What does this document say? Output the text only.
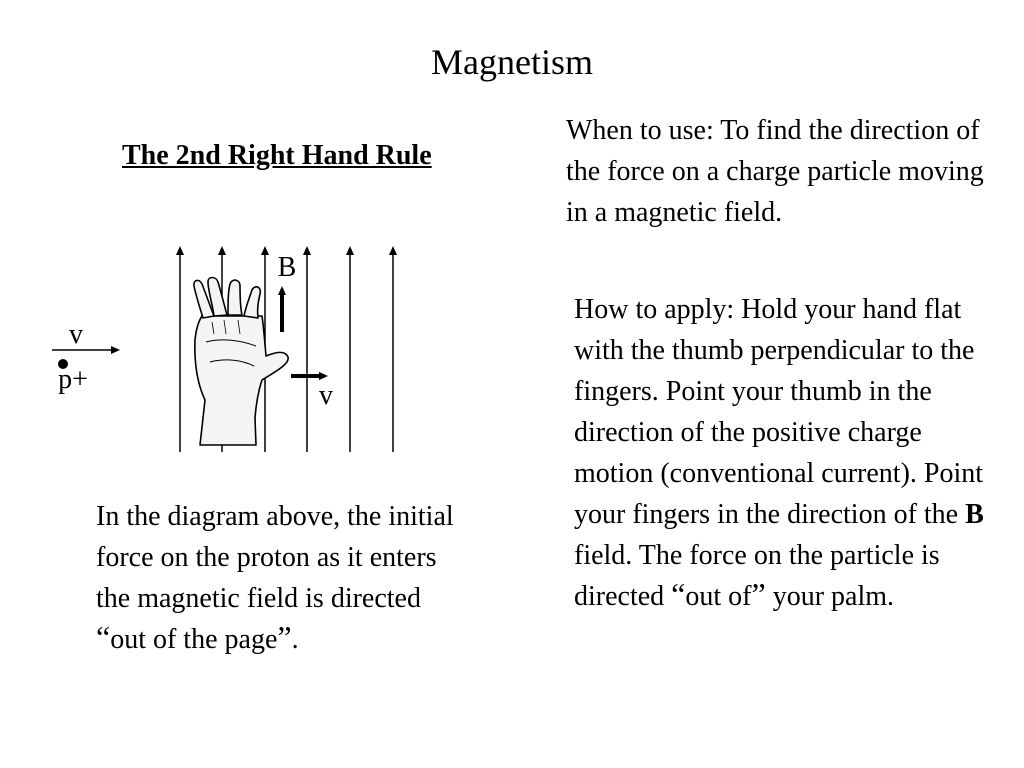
Magnetism
The 2nd Right Hand Rule
When to use: To find the direction of the force on a charge particle moving in a magnetic field.
How to apply: Hold your hand flat with the thumb perpendicular to the fingers. Point your thumb in the direction of the positive charge motion (conventional current). Point your fingers in the direction of the B field. The force on the particle is directed “out of” your palm.
In the diagram above, the initial force on the proton as it enters the magnetic field is directed “out of the page”.
B
v
v
p+
